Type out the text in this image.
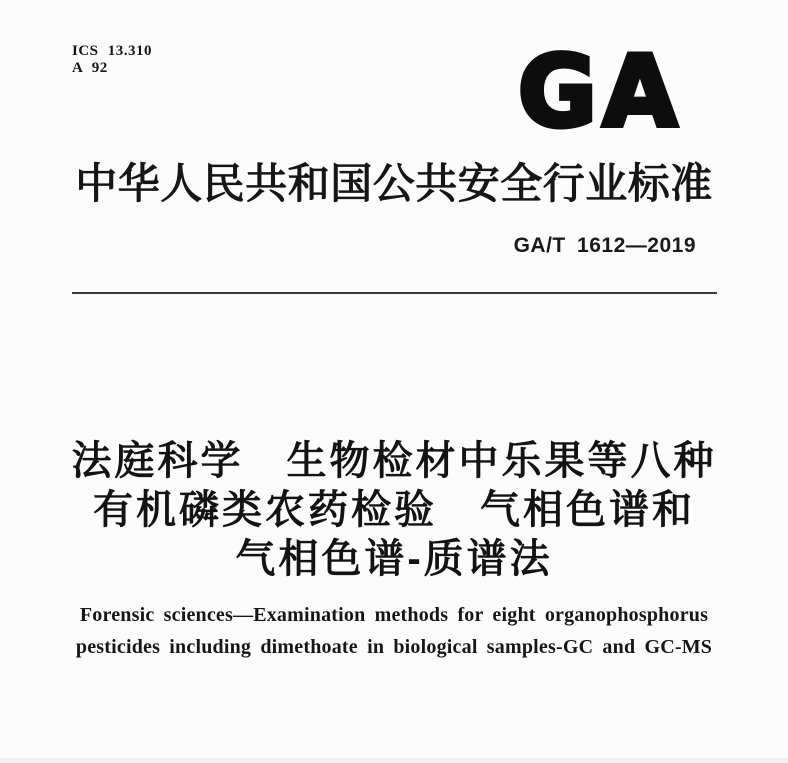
ICS 13.310
A 92	GA
中华人民共和国公共安全行业标准
GA/T 1612—2019
法庭科学　生物检材中乐果等八种
有机磷类农药检验　气相色谱和
气相色谱-质谱法
Forensic sciences—Examination methods for eight organophosphorus
pesticides including dimethoate in biological samples-GC and GC-MS
